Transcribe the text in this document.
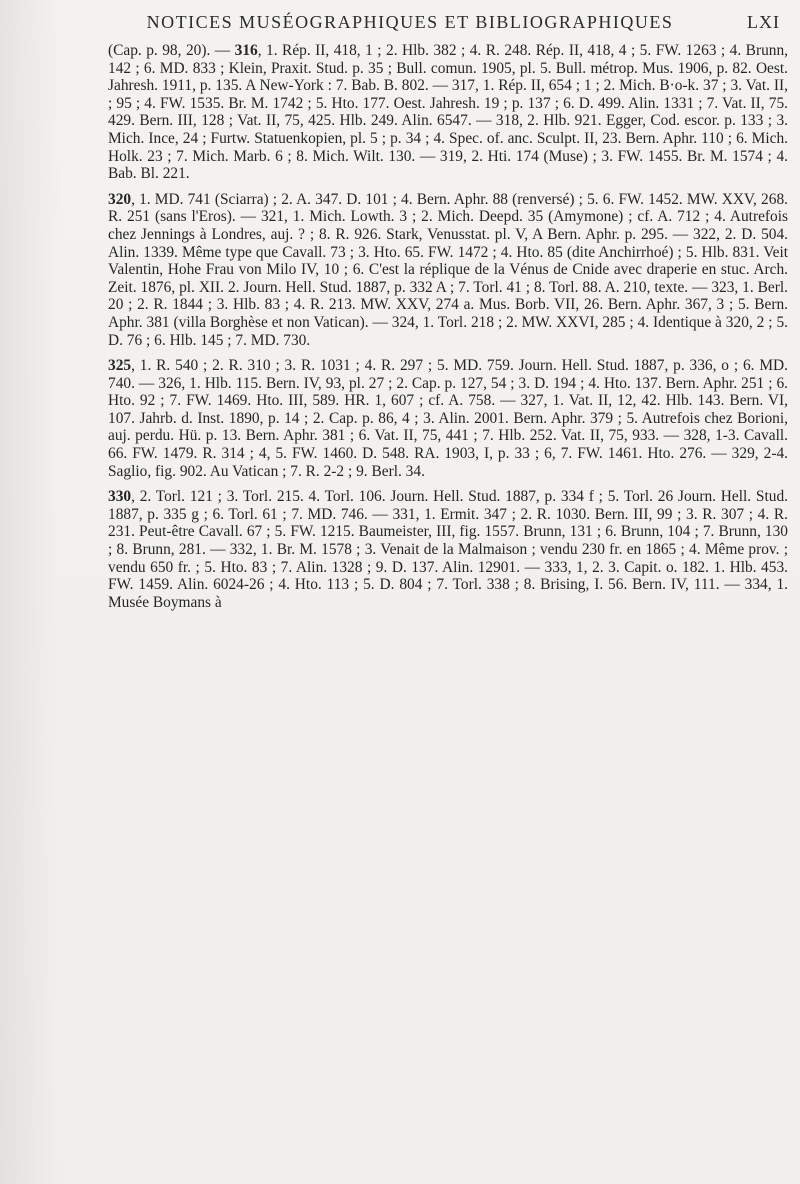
NOTICES MUSÉOGRAPHIQUES ET BIBLIOGRAPHIQUES	LXI

(Cap. p. 98, 20). — 316, 1. Rép. II, 418, 1 ; 2. Hlb. 382 ; 4. R. 248. Rép. II, 418, 4 ; 5. FW. 1263 ; 4. Brunn, 142 ; 6. MD. 833 ; Klein, Praxit. Stud. p. 35 ; Bull. comun. 1905, pl. 5. Bull. métrop. Mus. 1906, p. 82. Oest. Jahresh. 1911, p. 135. A New-York : 7. Bab. B. 802. — 317, 1. Rép. II, 654 ; 1 ; 2. Mich. B·o-k. 37 ; 3. Vat. II, ; 95 ; 4. FW. 1535. Br. M. 1742 ; 5. Hto. 177. Oest. Jahresh. 19 ; p. 137 ; 6. D. 499. Alin. 1331 ; 7. Vat. II, 75. 429. Bern. III, 128 ; Vat. II, 75, 425. Hlb. 249. Alin. 6547. — 318, 2. Hlb. 921. Egger, Cod. escor. p. 133 ; 3. Mich. Ince, 24 ; Furtw. Statuenkopien, pl. 5 ; p. 34 ; 4. Spec. of. anc. Sculpt. II, 23. Bern. Aphr. 110 ; 6. Mich. Holk. 23 ; 7. Mich. Marb. 6 ; 8. Mich. Wilt. 130. — 319, 2. Hti. 174 (Muse) ; 3. FW. 1455. Br. M. 1574 ; 4. Bab. Bl. 221.

320, 1. MD. 741 (Sciarra) ; 2. A. 347. D. 101 ; 4. Bern. Aphr. 88 (renversé) ; 5. 6. FW. 1452. MW. XXV, 268. R. 251 (sans l'Eros). — 321, 1. Mich. Lowth. 3 ; 2. Mich. Deepd. 35 (Amymone) ; cf. A. 712 ; 4. Autrefois chez Jennings à Londres, auj. ? ; 8. R. 926. Stark, Venusstat. pl. V, A Bern. Aphr. p. 295. — 322, 2. D. 504. Alin. 1339. Même type que Cavall. 73 ; 3. Hto. 65. FW. 1472 ; 4. Hto. 85 (dite Anchirrhoé) ; 5. Hlb. 831. Veit Valentin, Hohe Frau von Milo IV, 10 ; 6. C'est la réplique de la Vénus de Cnide avec draperie en stuc. Arch. Zeit. 1876, pl. XII. 2. Journ. Hell. Stud. 1887, p. 332 A ; 7. Torl. 41 ; 8. Torl. 88. A. 210, texte. — 323, 1. Berl. 20 ; 2. R. 1844 ; 3. Hlb. 83 ; 4. R. 213. MW. XXV, 274 a. Mus. Borb. VII, 26. Bern. Aphr. 367, 3 ; 5. Bern. Aphr. 381 (villa Borghèse et non Vatican). — 324, 1. Torl. 218 ; 2. MW. XXVI, 285 ; 4. Identique à 320, 2 ; 5. D. 76 ; 6. Hlb. 145 ; 7. MD. 730.

325, 1. R. 540 ; 2. R. 310 ; 3. R. 1031 ; 4. R. 297 ; 5. MD. 759. Journ. Hell. Stud. 1887, p. 336, o ; 6. MD. 740. — 326, 1. Hlb. 115. Bern. IV, 93, pl. 27 ; 2. Cap. p. 127, 54 ; 3. D. 194 ; 4. Hto. 137. Bern. Aphr. 251 ; 6. Hto. 92 ; 7. FW. 1469. Hto. III, 589. HR. 1, 607 ; cf. A. 758. — 327, 1. Vat. II, 12, 42. Hlb. 143. Bern. VI, 107. Jahrb. d. Inst. 1890, p. 14 ; 2. Cap. p. 86, 4 ; 3. Alin. 2001. Bern. Aphr. 379 ; 5. Autrefois chez Borioni, auj. perdu. Hü. p. 13. Bern. Aphr. 381 ; 6. Vat. II, 75, 441 ; 7. Hlb. 252. Vat. II, 75, 933. — 328, 1-3. Cavall. 66. FW. 1479. R. 314 ; 4, 5. FW. 1460. D. 548. RA. 1903, I, p. 33 ; 6, 7. FW. 1461. Hto. 276. — 329, 2-4. Saglio, fig. 902. Au Vatican ; 7. R. 2-2 ; 9. Berl. 34.

330, 2. Torl. 121 ; 3. Torl. 215. 4. Torl. 106. Journ. Hell. Stud. 1887, p. 334 f ; 5. Torl. 26 Journ. Hell. Stud. 1887, p. 335 g ; 6. Torl. 61 ; 7. MD. 746. — 331, 1. Ermit. 347 ; 2. R. 1030. Bern. III, 99 ; 3. R. 307 ; 4. R. 231. Peut-être Cavall. 67 ; 5. FW. 1215. Baumeister, III, fig. 1557. Brunn, 131 ; 6. Brunn, 104 ; 7. Brunn, 130 ; 8. Brunn, 281. — 332, 1. Br. M. 1578 ; 3. Venait de la Malmaison ; vendu 230 fr. en 1865 ; 4. Même prov. ; vendu 650 fr. ; 5. Hto. 83 ; 7. Alin. 1328 ; 9. D. 137. Alin. 12901. — 333, 1, 2. 3. Capit. o. 182. 1. Hlb. 453. FW. 1459. Alin. 6024-26 ; 4. Hto. 113 ; 5. D. 804 ; 7. Torl. 338 ; 8. Brising, I. 56. Bern. IV, 111. — 334, 1. Musée Boymans à
